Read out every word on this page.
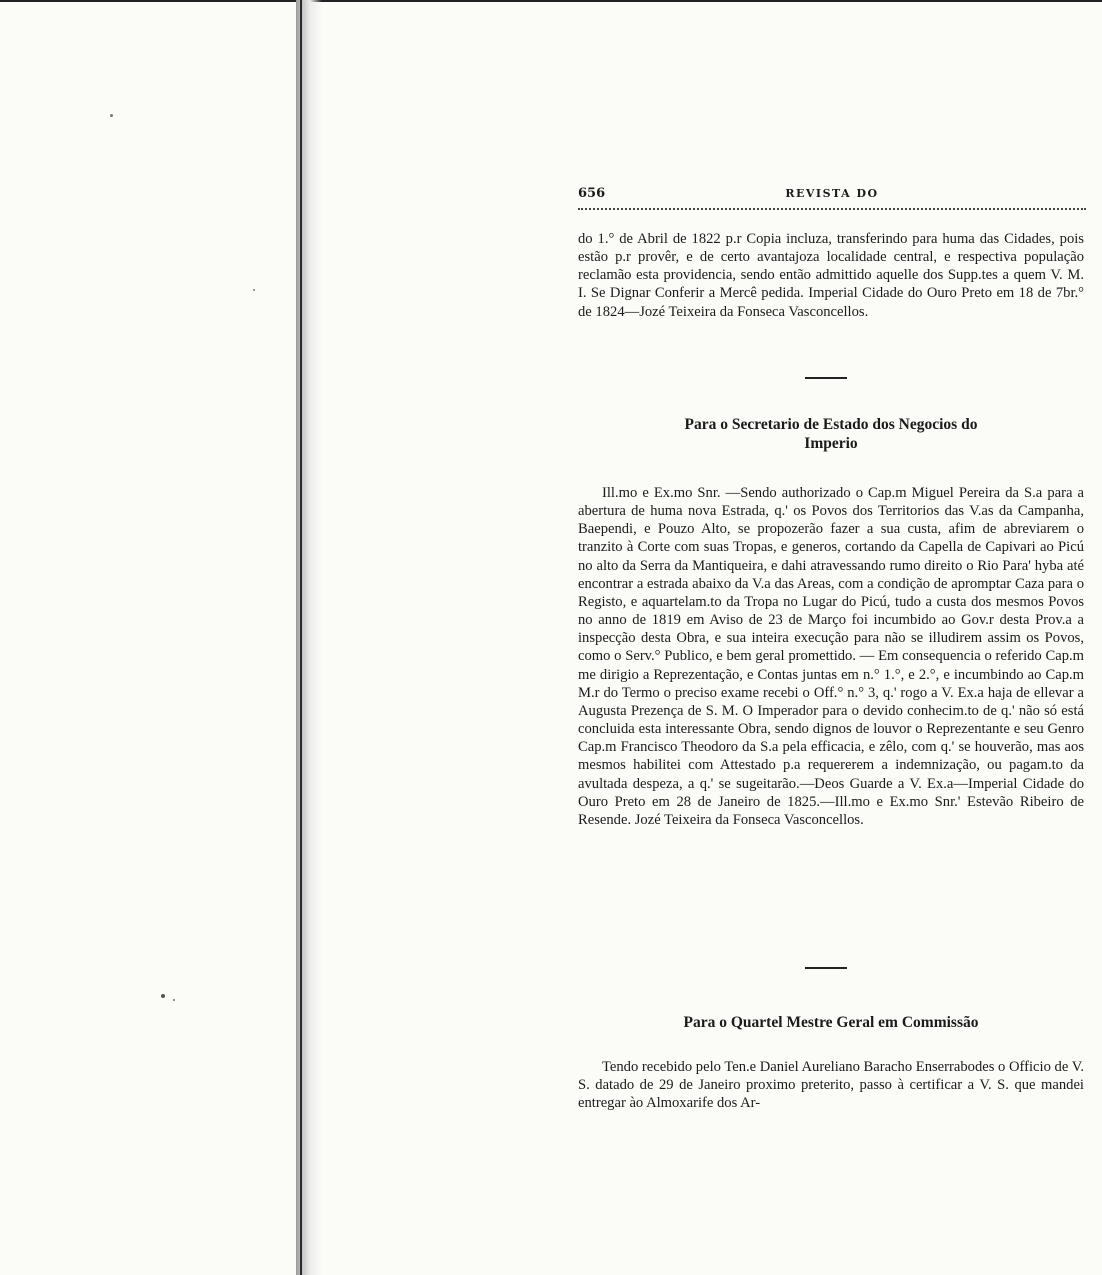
656	REVISTA DO

do 1.° de Abril de 1822 p.r Copia incluza, transferindo para huma das Cidades, pois estão p.r provêr, e de certo avantajoza localidade central, e respectiva população reclamão esta providencia, sendo então admittido aquelle dos Supp.tes a quem V. M. I. Se Dignar Conferir a Mercê pedida. Imperial Cidade do Ouro Preto em 18 de 7br.° de 1824—Jozé Teixeira da Fonseca Vasconcellos.

Para o Secretario de Estado dos Negocios do
Imperio

Ill.mo e Ex.mo Snr. —Sendo authorizado o Cap.m Miguel Pereira da S.a para a abertura de huma nova Estrada, q.' os Povos dos Territorios das V.as da Campanha, Baependi, e Pouzo Alto, se propozerão fazer a sua custa, afim de abreviarem o tranzito à Corte com suas Tropas, e generos, cortando da Capella de Capivari ao Picú no alto da Serra da Mantiqueira, e dahi atravessando rumo direito o Rio Para' hyba até encontrar a estrada abaixo da V.a das Areas, com a condição de apromptar Caza para o Registo, e aquartelam.to da Tropa no Lugar do Picú, tudo a custa dos mesmos Povos no anno de 1819 em Aviso de 23 de Março foi incumbido ao Gov.r desta Prov.a a inspecção desta Obra, e sua inteira execução para não se illudirem assim os Povos, como o Serv.° Publico, e bem geral promettido. — Em consequencia o referido Cap.m me dirigio a Reprezentação, e Contas juntas em n.° 1.°, e 2.°, e incumbindo ao Cap.m M.r do Termo o preciso exame recebi o Off.° n.° 3, q.' rogo a V. Ex.a haja de ellevar a Augusta Prezença de S. M. O Imperador para o devido conhecim.to de q.' não só está concluida esta interessante Obra, sendo dignos de louvor o Reprezentante e seu Genro Cap.m Francisco Theodoro da S.a pela efficacia, e zêlo, com q.' se houverão, mas aos mesmos habilitei com Attestado p.a requererem a indemnização, ou pagam.to da avultada despeza, a q.' se sugeitarão.—Deos Guarde a V. Ex.a—Imperial Cidade do Ouro Preto em 28 de Janeiro de 1825.—Ill.mo e Ex.mo Snr.' Estevão Ribeiro de Resende. Jozé Teixeira da Fonseca Vasconcellos.

Para o Quartel Mestre Geral em Commissão

Tendo recebido pelo Ten.e Daniel Aureliano Baracho Enserrabodes o Officio de V. S. datado de 29 de Janeiro proximo preterito, passo à certificar a V. S. que mandei entregar ào Almoxarife dos Ar-
